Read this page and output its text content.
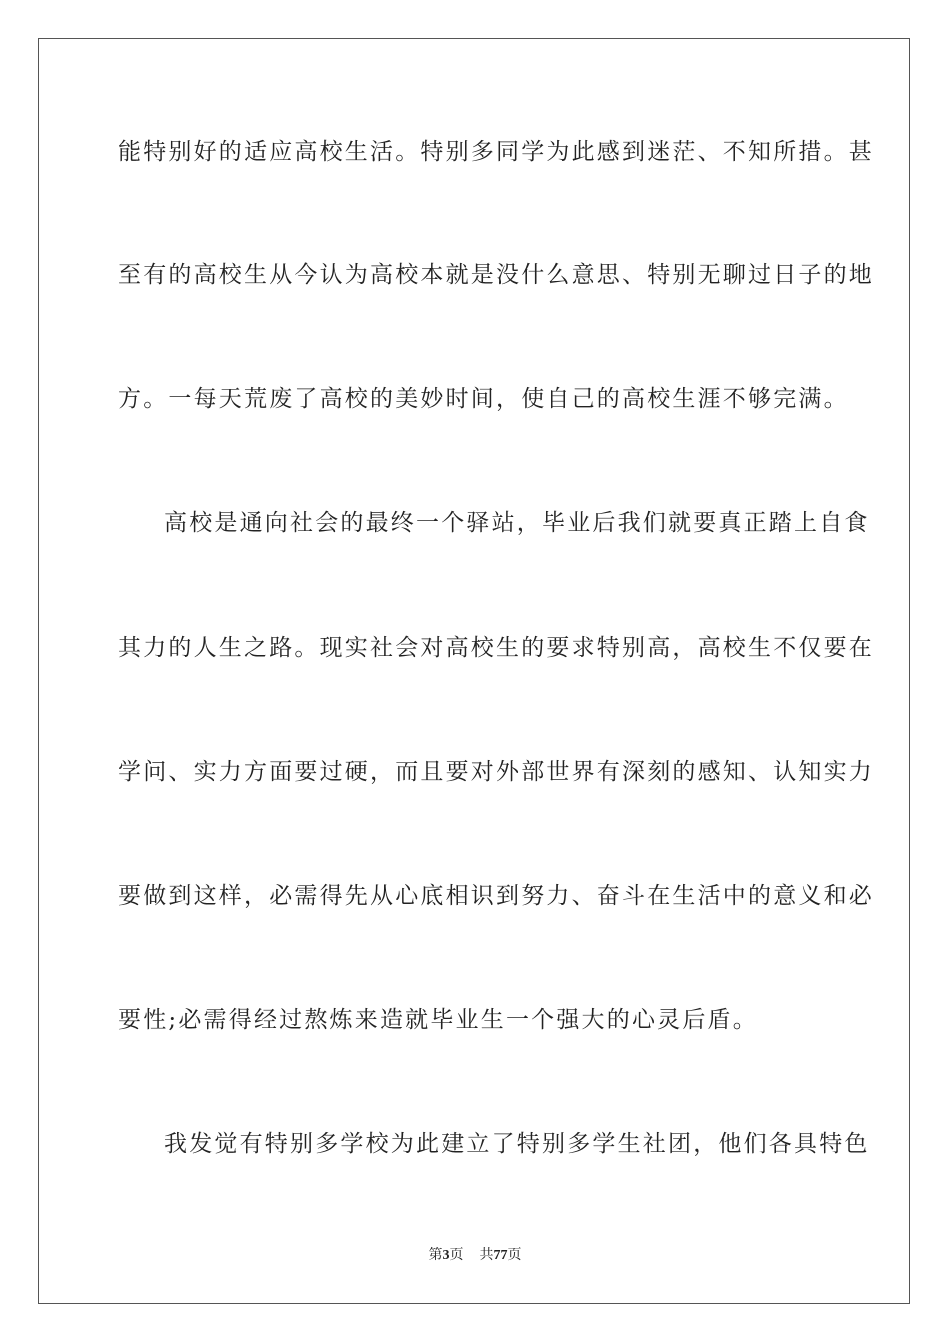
能特别好的适应高校生活。特别多同学为此感到迷茫、不知所措。甚
至有的高校生从今认为高校本就是没什么意思、特别无聊过日子的地
方。一每天荒废了高校的美妙时间，使自己的高校生涯不够完满。
高校是通向社会的最终一个驿站，毕业后我们就要真正踏上自食
其力的人生之路。现实社会对高校生的要求特别高，高校生不仅要在
学问、实力方面要过硬，而且要对外部世界有深刻的感知、认知实力
要做到这样，必需得先从心底相识到努力、奋斗在生活中的意义和必
要性;必需得经过熬炼来造就毕业生一个强大的心灵后盾。
我发觉有特别多学校为此建立了特别多学生社团，他们各具特色
第3页 共77页
